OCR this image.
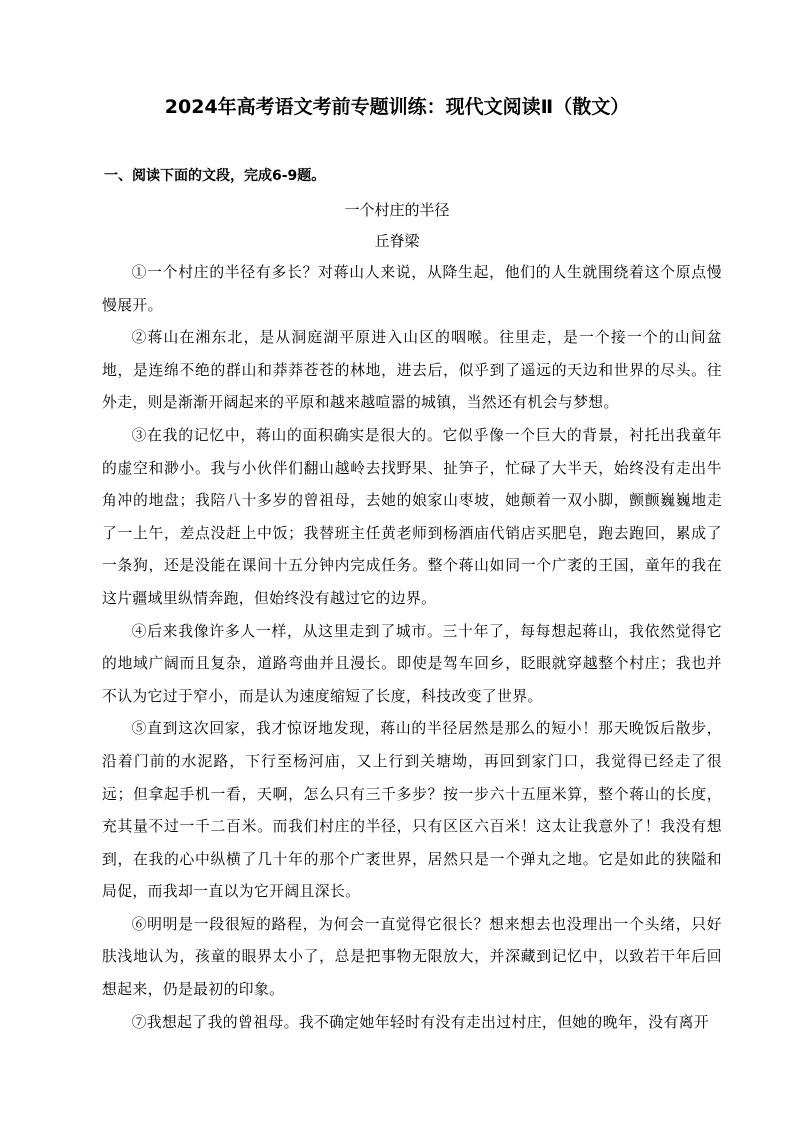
2024年高考语文考前专题训练：现代文阅读Ⅱ（散文）
一、阅读下面的文段，完成6-9题。
一个村庄的半径
丘脊梁

①一个村庄的半径有多长？对蒋山人来说，从降生起，他们的人生就围绕着这个原点慢慢展开。

②蒋山在湘东北，是从洞庭湖平原进入山区的咽喉。往里走，是一个接一个的山间盆地，是连绵不绝的群山和莽莽苍苍的林地，进去后，似乎到了遥远的天边和世界的尽头。往外走，则是渐渐开阔起来的平原和越来越喧嚣的城镇，当然还有机会与梦想。

③在我的记忆中，蒋山的面积确实是很大的。它似乎像一个巨大的背景，衬托出我童年的虚空和渺小。我与小伙伴们翻山越岭去找野果、扯笋子，忙碌了大半天，始终没有走出牛角冲的地盘；我陪八十多岁的曾祖母，去她的娘家山枣坡，她颠着一双小脚，颤颤巍巍地走了一上午，差点没赶上中饭；我替班主任黄老师到杨酒庙代销店买肥皂，跑去跑回，累成了一条狗，还是没能在课间十五分钟内完成任务。整个蒋山如同一个广袤的王国，童年的我在这片疆域里纵情奔跑，但始终没有越过它的边界。

④后来我像许多人一样，从这里走到了城市。三十年了，每每想起蒋山，我依然觉得它的地域广阔而且复杂，道路弯曲并且漫长。即使是驾车回乡，眨眼就穿越整个村庄；我也并不认为它过于窄小，而是认为速度缩短了长度，科技改变了世界。

⑤直到这次回家，我才惊讶地发现，蒋山的半径居然是那么的短小！那天晚饭后散步，沿着门前的水泥路，下行至杨河庙，又上行到关塘坳，再回到家门口，我觉得已经走了很远；但拿起手机一看，天啊，怎么只有三千多步？按一步六十五厘米算，整个蒋山的长度，充其量不过一千二百米。而我们村庄的半径，只有区区六百米！这太让我意外了！我没有想到，在我的心中纵横了几十年的那个广袤世界，居然只是一个弹丸之地。它是如此的狭隘和局促，而我却一直以为它开阔且深长。

⑥明明是一段很短的路程，为何会一直觉得它很长？想来想去也没理出一个头绪，只好肤浅地认为，孩童的眼界太小了，总是把事物无限放大，并深藏到记忆中，以致若干年后回想起来，仍是最初的印象。

⑦我想起了我的曾祖母。我不确定她年轻时有没有走出过村庄，但她的晚年，没有离开
